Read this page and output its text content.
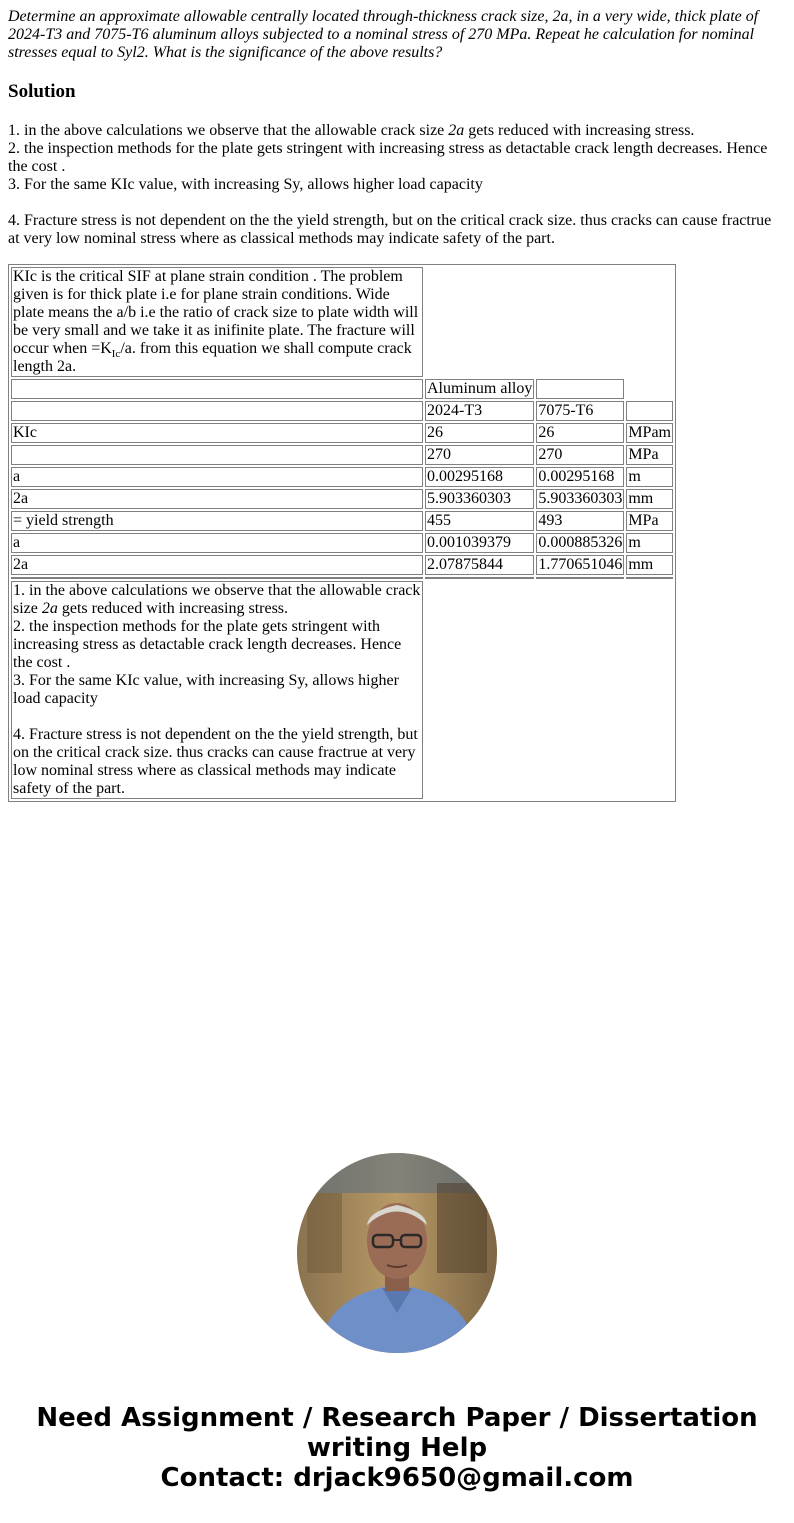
Determine an approximate allowable centrally located through-thickness crack size, 2a, in a very wide, thick plate of 2024-T3 and 7075-T6 aluminum alloys subjected to a nominal stress of 270 MPa. Repeat he calculation for nominal stresses equal to Syl2. What is the significance of the above results?

Solution

1. in the above calculations we observe that the allowable crack size 2a gets reduced with increasing stress.

2. the inspection methods for the plate gets stringent with increasing stress as detactable crack length decreases. Hence the cost .

3. For the same KIc value, with increasing Sy, allows higher load capacity

4. Fracture stress is not dependent on the the yield strength, but on the critical crack size. thus cracks can cause fractrue at very low nominal stress where as classical methods may indicate safety of the part.

KIc is the critical SIF at plane strain condition . The problem given is for thick plate i.e for plane strain conditions. Wide plate means the a/b i.e the ratio of crack size to plate width will be very small and we take it as inifinite plate. The fracture will occur when $=K_{Ic}/a$. from this equation we shall compute crack length 2a.			
	Aluminum alloy		
	2024-T3	7075-T6	
KIc	26	26	MPam
	270	270	MPa
a	0.00295168	0.00295168	m
2a	5.903360303	5.903360303	mm
= yield strength	455	493	MPa
a	0.001039379	0.000885326	m
2a	2.07875844	1.770651046	mm

1. in the above calculations we observe that the allowable crack size 2a gets reduced with increasing stress.
2. the inspection methods for the plate gets stringent with increasing stress as detactable crack length decreases. Hence the cost .
3. For the same KIc value, with increasing Sy, allows higher load capacity

4. Fracture stress is not dependent on the the yield strength, but on the critical crack size. thus cracks can cause fractrue at very low nominal stress where as classical methods may indicate safety of the part.			
Need Assignment / Research Paper / Dissertation
writing Help
Contact: drjack9650@gmail.com
